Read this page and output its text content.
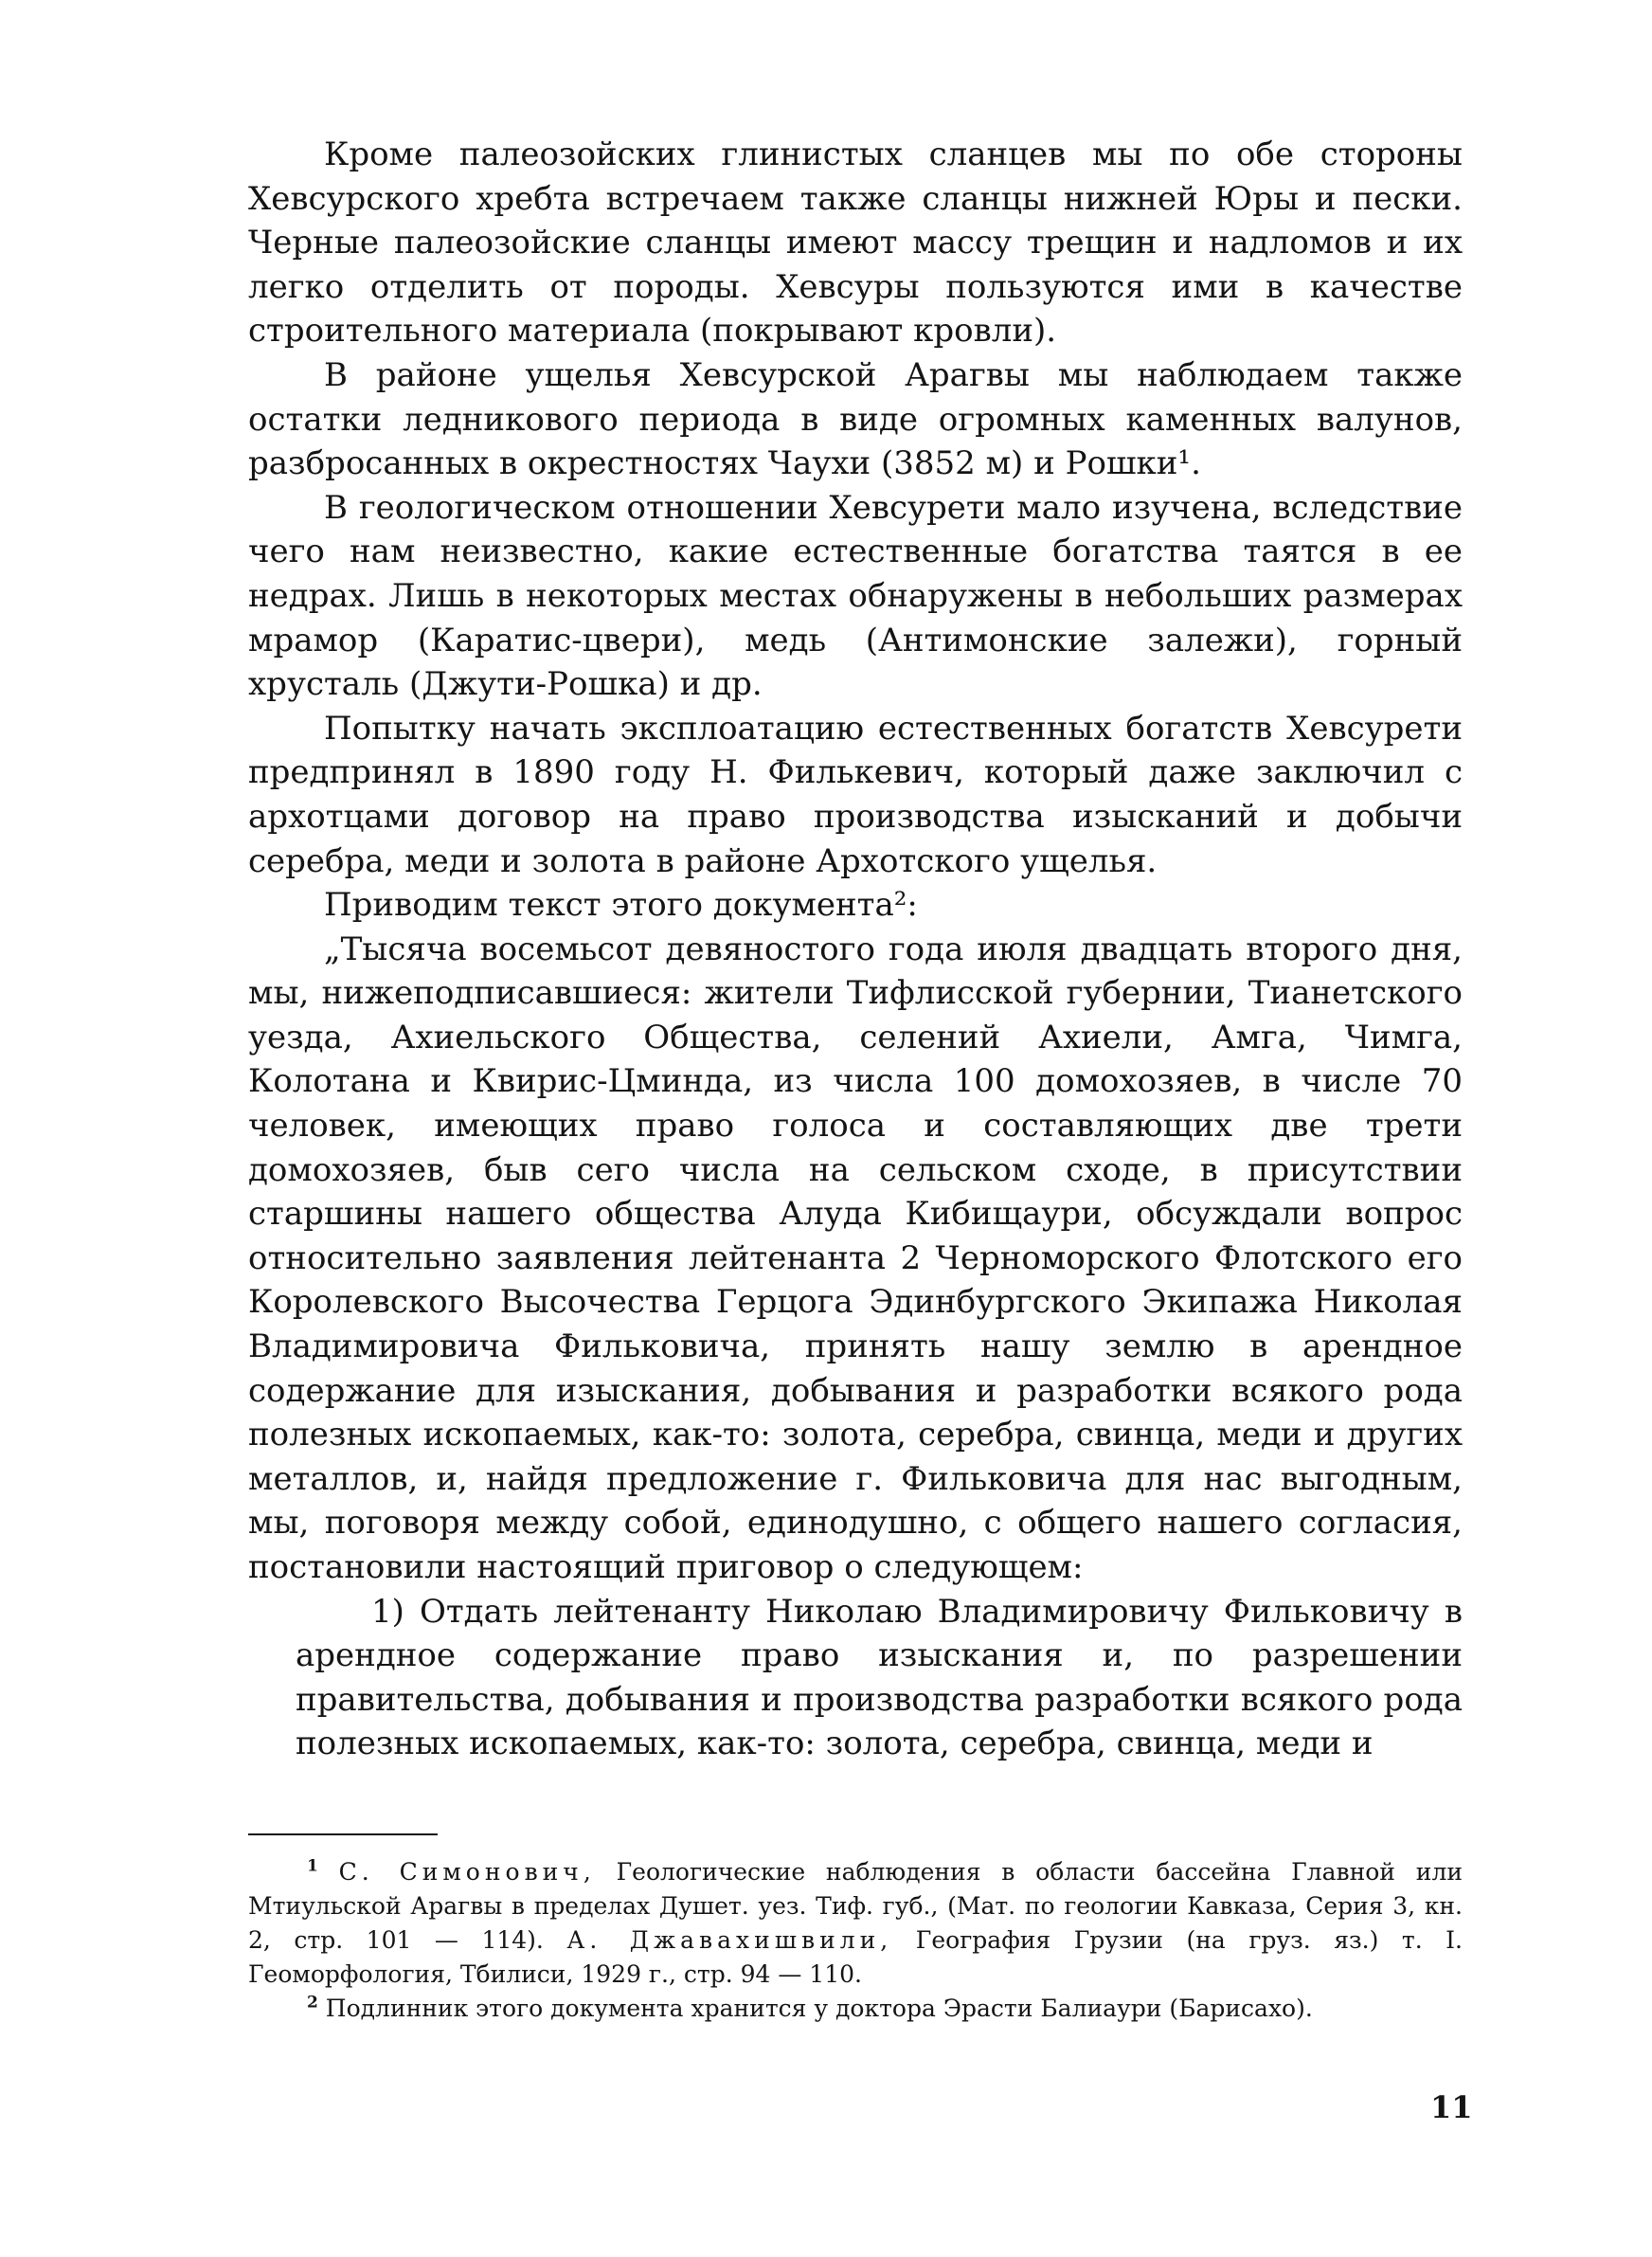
Кроме палеозойских глинистых сланцев мы по обе стороны Хевсурского хребта встречаем также сланцы нижней Юры и пески. Черные палеозойские сланцы имеют массу трещин и надломов и их легко отделить от породы. Хевсуры пользуются ими в качестве строительного материала (покрывают кровли).

В районе ущелья Хевсурской Арагвы мы наблюдаем также остатки ледникового периода в виде огромных каменных валунов, разбросанных в окрестностях Чаухи (3852 м) и Рошки¹.

В геологическом отношении Хевсурети мало изучена, вследствие чего нам неизвестно, какие естественные богатства таятся в ее недрах. Лишь в некоторых местах обнаружены в небольших размерах мрамор (Каратис-цвери), медь (Антимонские залежи), горный хрусталь (Джути-Рошка) и др.

Попытку начать эксплоатацию естественных богатств Хевсурети предпринял в 1890 году Н. Филькевич, который даже заключил с архотцами договор на право производства изысканий и добычи серебра, меди и золота в районе Архотского ущелья.

Приводим текст этого документа²:

„Тысяча восемьсот девяностого года июля двадцать второго дня, мы, нижеподписавшиеся: жители Тифлисской губернии, Тианетского уезда, Ахиельского Общества, селений Ахиели, Амга, Чимга, Колотана и Квирис-Цминда, из числа 100 домохозяев, в числе 70 человек, имеющих право голоса и составляющих две трети домохозяев, быв сего числа на сельском сходе, в присутствии старшины нашего общества Алуда Кибищаури, обсуждали вопрос относительно заявления лейтенанта 2 Черноморского Флотского его Королевского Высочества Герцога Эдинбургского Экипажа Николая Владимировича Фильковича, принять нашу землю в арендное содержание для изыскания, добывания и разработки всякого рода полезных ископаемых, как-то: золота, серебра, свинца, меди и других металлов, и, найдя предложение г. Фильковича для нас выгодным, мы, поговоря между собой, единодушно, с общего нашего согласия, постановили настоящий приговор о следующем:

1) Отдать лейтенанту Николаю Владимировичу Фильковичу в арендное содержание право изыскания и, по разрешении правительства, добывания и производства разработки всякого рода полезных ископаемых, как-то: золота, серебра, свинца, меди и

$^1$ С. Симонович, Геологические наблюдения в области бассейна Главной или Мтиульской Арагвы в пределах Душет. уез. Тиф. губ., (Мат. по геологии Кавказа, Серия 3, кн. 2, стр. 101 — 114). А. Джавахишвили, География Грузии (на груз. яз.) т. I. Геоморфология, Тбилиси, 1929 г., стр. 94 — 110.

$^2$ Подлинник этого документа хранится у доктора Эрасти Балиаури (Барисахо).

11
